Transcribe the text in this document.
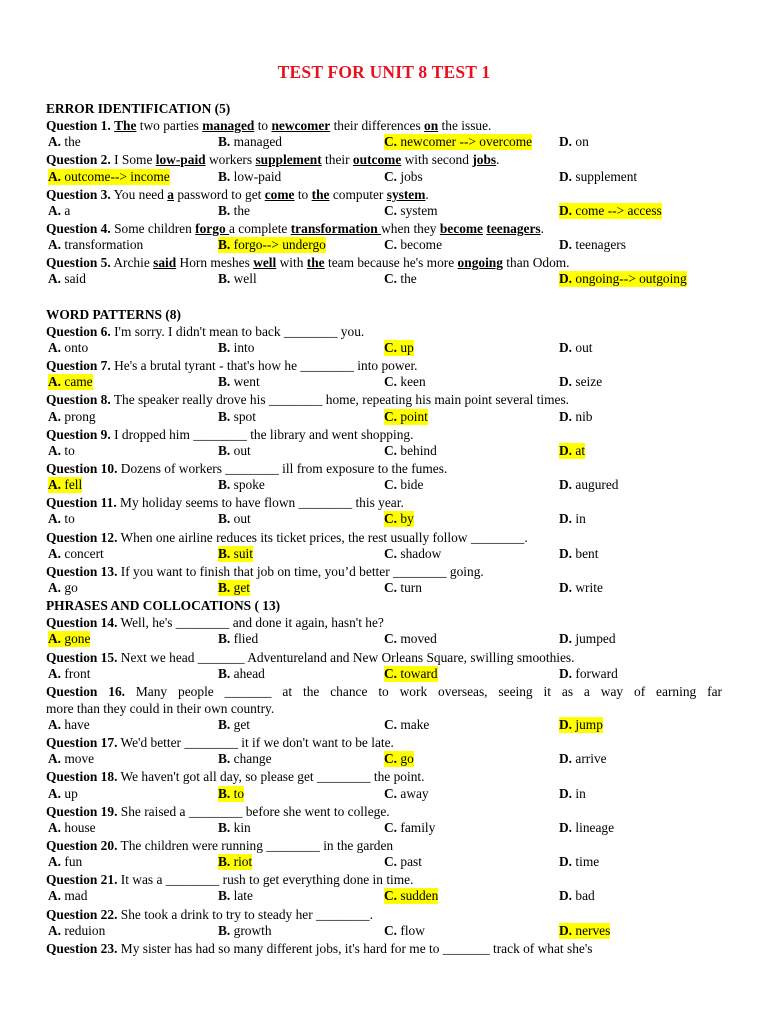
TEST FOR UNIT 8 TEST 1
ERROR IDENTIFICATION (5)
Question 1. The two parties managed to newcomer their differences on the issue.
A. the	B. managed	C. newcomer --> overcome D. on
Question 2. I Some low-paid workers supplement their outcome with second jobs.
A. outcome--> income	B. low-paid	C. jobs	D. supplement
Question 3. You need a password to get come to the computer system.
A. a	B. the	C. system	D. come --> access
Question 4. Some children forgo a complete transformation when they become teenagers.
A. transformation	B. forgo--> undergo	C. become	D. teenagers
Question 5. Archie said Horn meshes well with the team because he's more ongoing than Odom.
A. said	B. well	C. the	D. ongoing--> outgoing
WORD PATTERNS (8)
Question 6. I'm sorry. I didn't mean to back ________ you.
A. onto	B. into	C. up	D. out
Question 7. He's a brutal tyrant - that's how he ________ into power.
A. came	B. went	C. keen	D. seize
Question 8. The speaker really drove his ________ home, repeating his main point several times.
A. prong	B. spot	C. point	D. nib
Question 9. I dropped him ________ the library and went shopping.
A. to	B. out	C. behind	D. at
Question 10. Dozens of workers ________ ill from exposure to the fumes.
A. fell	B. spoke	C. bide	D. augured
Question 11. My holiday seems to have flown ________ this year.
A. to	B. out	C. by	D. in
Question 12. When one airline reduces its ticket prices, the rest usually follow ________.
A. concert	B. suit	C. shadow	D. bent
Question 13. If you want to finish that job on time, you’d better ________ going.
A. go	B. get	C. turn	D. write
PHRASES AND COLLOCATIONS ( 13)
Question 14. Well, he's ________ and done it again, hasn't he?
A. gone	B. flied	C. moved	D. jumped
Question 15. Next we head _______ Adventureland and New Orleans Square, swilling smoothies.
A. front	B. ahead	C. toward	D. forward
Question 16. Many people _______ at the chance to work overseas, seeing it as a way of earning far
more than they could in their own country.
A. have	B. get	C. make	D. jump
Question 17. We'd better ________ it if we don't want to be late.
A. move	B. change	C. go	D. arrive
Question 18. We haven't got all day, so please get ________ the point.
A. up	B. to	C. away	D. in
Question 19. She raised a ________ before she went to college.
A. house	B. kin	C. family	D. lineage
Question 20. The children were running ________ in the garden
A. fun	B. riot	C. past	D. time
Question 21. It was a ________ rush to get everything done in time.
A. mad	B. late	C. sudden	D. bad
Question 22. She took a drink to try to steady her ________.
A. reduion	B. growth	C. flow	D. nerves
Question 23. My sister has had so many different jobs, it's hard for me to _______ track of what she's
